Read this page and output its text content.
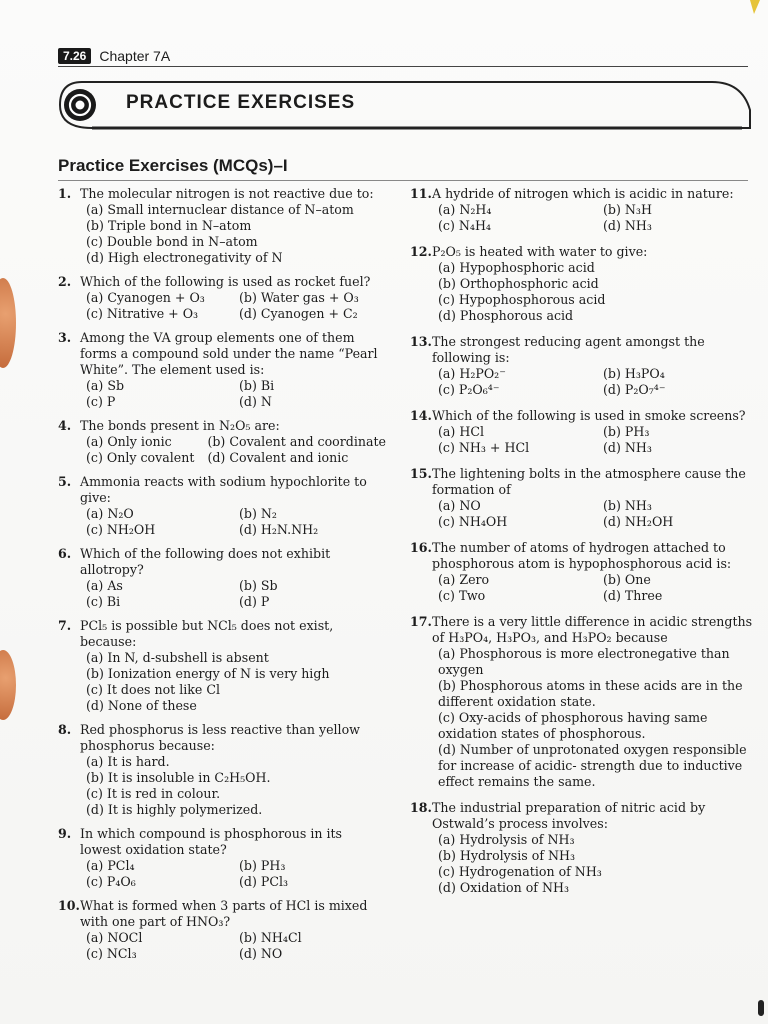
7.26 Chapter 7A
PRACTICE EXERCISES
Practice Exercises (MCQs)–I
1. The molecular nitrogen is not reactive due to:
(a) Small internuclear distance of N–atom
(b) Triple bond in N–atom
(c) Double bond in N–atom
(d) High electronegativity of N
2. Which of the following is used as rocket fuel?
(a) Cyanogen + O₃	(b) Water gas + O₃
(c) Nitrative + O₃	(d) Cyanogen + C₂
3. Among the VA group elements one of them forms a compound sold under the name “Pearl White”. The element used is:
(a) Sb	(b) Bi
(c) P	(d) N
4. The bonds present in N₂O₅ are:
(a) Only ionic	(b) Covalent and coordinate
(c) Only covalent	(d) Covalent and ionic
5. Ammonia reacts with sodium hypochlorite to give:
(a) N₂O	(b) N₂
(c) NH₂OH	(d) H₂N.NH₂
6. Which of the following does not exhibit allotropy?
(a) As	(b) Sb
(c) Bi	(d) P
7. PCl₅ is possible but NCl₅ does not exist, because:
(a) In N, d-subshell is absent
(b) Ionization energy of N is very high
(c) It does not like Cl
(d) None of these
8. Red phosphorus is less reactive than yellow phosphorus because:
(a) It is hard.
(b) It is insoluble in C₂H₅OH.
(c) It is red in colour.
(d) It is highly polymerized.
9. In which compound is phosphorous in its lowest oxidation state?
(a) PCl₄	(b) PH₃
(c) P₄O₆	(d) PCl₃
10. What is formed when 3 parts of HCl is mixed with one part of HNO₃?
(a) NOCl	(b) NH₄Cl
(c) NCl₃	(d) NO
11. A hydride of nitrogen which is acidic in nature:
(a) N₂H₄	(b) N₃H
(c) N₄H₄	(d) NH₃
12. P₂O₅ is heated with water to give:
(a) Hypophosphoric acid
(b) Orthophosphoric acid
(c) Hypophosphorous acid
(d) Phosphorous acid
13. The strongest reducing agent amongst the following is:
(a) H₂PO₂⁻	(b) H₃PO₄
(c) P₂O₆⁴⁻	(d) P₂O₇⁴⁻
14. Which of the following is used in smoke screens?
(a) HCl	(b) PH₃
(c) NH₃ + HCl	(d) NH₃
15. The lightening bolts in the atmosphere cause the formation of
(a) NO	(b) NH₃
(c) NH₄OH	(d) NH₂OH
16. The number of atoms of hydrogen attached to phosphorous atom is hypophosphorous acid is:
(a) Zero	(b) One
(c) Two	(d) Three
17. There is a very little difference in acidic strengths of H₃PO₄, H₃PO₃, and H₃PO₂ because
(a) Phosphorous is more electronegative than oxygen
(b) Phosphorous atoms in these acids are in the different oxidation state.
(c) Oxy-acids of phosphorous having same oxidation states of phosphorous.
(d) Number of unprotonated oxygen responsible for increase of acidic- strength due to inductive effect remains the same.
18. The industrial preparation of nitric acid by Ostwald’s process involves:
(a) Hydrolysis of NH₃
(b) Hydrolysis of NH₃
(c) Hydrogenation of NH₃
(d) Oxidation of NH₃
